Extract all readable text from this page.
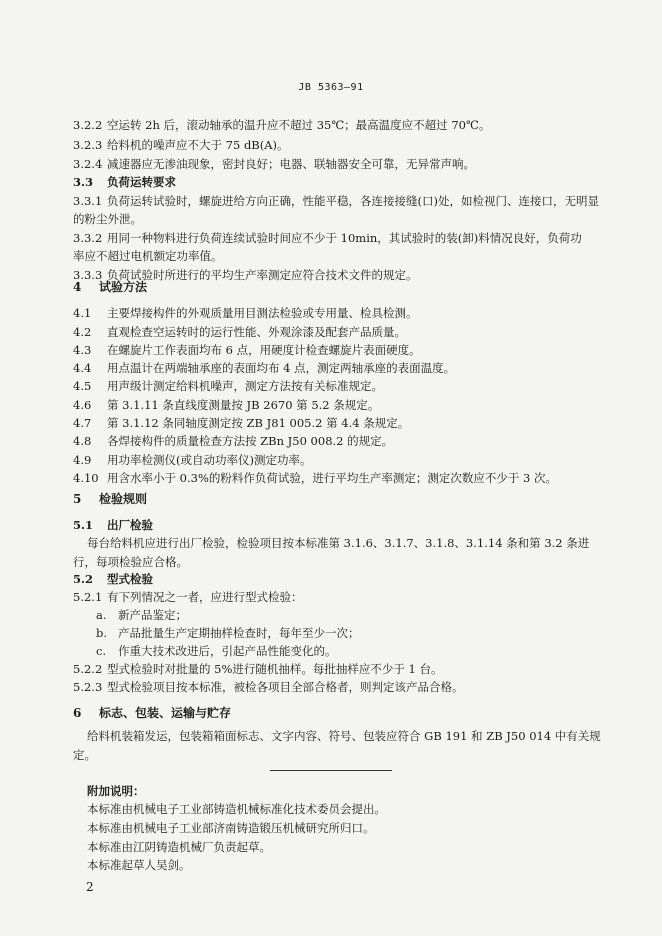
JB 5363—91
3.2.2 空运转 2h 后，滚动轴承的温升应不超过 35℃；最高温度应不超过 70℃。
3.2.3 给料机的噪声应不大于 75 dB(A)。
3.2.4 减速器应无渗油现象，密封良好；电器、联轴器安全可靠，无异常声响。
3.3 负荷运转要求
3.3.1 负荷运转试验时，螺旋进给方向正确，性能平稳，各连接接缝(口)处，如检视门、连接口，无明显
的粉尘外泄。
3.3.2 用同一种物料进行负荷连续试验时间应不少于 10min，其试验时的装(卸)料情况良好，负荷功
率应不超过电机额定功率值。
3.3.3 负荷试验时所进行的平均生产率测定应符合技术文件的规定。
4 试验方法
4.1 主要焊接构件的外观质量用目测法检验或专用量、检具检测。
4.2 直观检查空运转时的运行性能、外观涂漆及配套产品质量。
4.3 在螺旋片工作表面均布 6 点，用硬度计检查螺旋片表面硬度。
4.4 用点温计在两端轴承座的表面均布 4 点，测定两轴承座的表面温度。
4.5 用声级计测定给料机噪声，测定方法按有关标准规定。
4.6 第 3.1.11 条直线度测量按 JB 2670 第 5.2 条规定。
4.7 第 3.1.12 条同轴度测定按 ZB J81 005.2 第 4.4 条规定。
4.8 各焊接构件的质量检查方法按 ZBn J50 008.2 的规定。
4.9 用功率检测仪(或自动功率仪)测定功率。
4.10 用含水率小于 0.3%的粉料作负荷试验，进行平均生产率测定；测定次数应不少于 3 次。
5 检验规则
5.1 出厂检验
每台给料机应进行出厂检验，检验项目按本标准第 3.1.6、3.1.7、3.1.8、3.1.14 条和第 3.2 条进
行，每项检验应合格。
5.2 型式检验
5.2.1 有下列情况之一者，应进行型式检验：
a. 新产品鉴定；
b. 产品批量生产定期抽样检查时，每年至少一次；
c. 作重大技术改进后，引起产品性能变化的。
5.2.2 型式检验时对批量的 5%进行随机抽样。每批抽样应不少于 1 台。
5.2.3 型式检验项目按本标准，被检各项目全部合格者，则判定该产品合格。
6 标志、包装、运输与贮存
给料机装箱发运，包装箱箱面标志、文字内容、符号、包装应符合 GB 191 和 ZB J50 014 中有关规
定。
附加说明：
本标准由机械电子工业部铸造机械标准化技术委员会提出。
本标准由机械电子工业部济南铸造锻压机械研究所归口。
本标准由江阴铸造机械厂负责起草。
本标准起草人吴剑。
2
